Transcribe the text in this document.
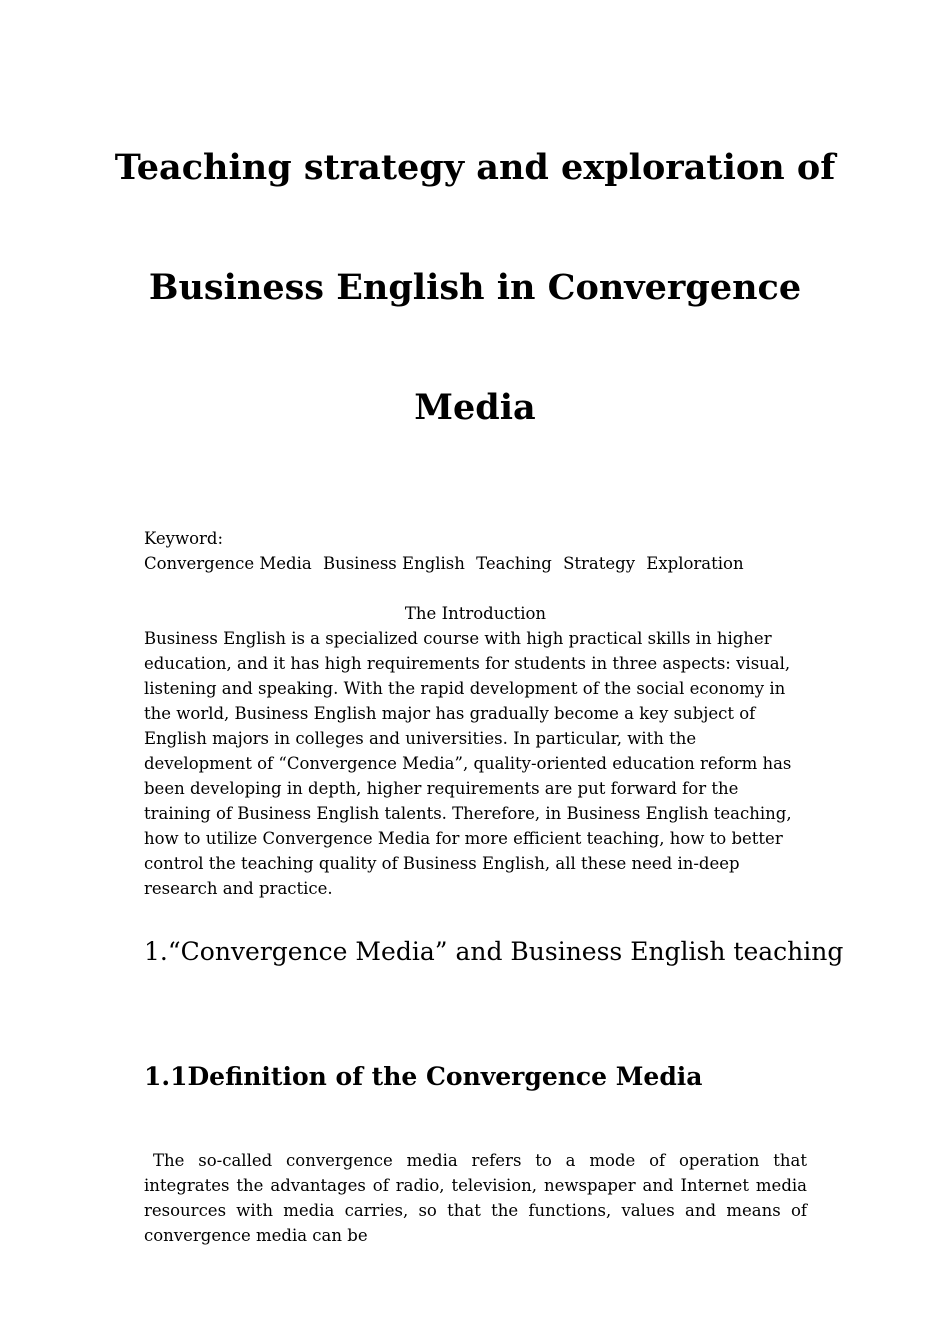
Teaching strategy and exploration of
Business English in Convergence
Media
Keyword:
Convergence Media Business English Teaching Strategy Exploration
The Introduction
Business English is a specialized course with high practical skills in higher education, and it has high requirements for students in three aspects: visual, listening and speaking. With the rapid development of the social economy in the world, Business English major has gradually become a key subject of English majors in colleges and universities. In particular, with the development of “Convergence Media”, quality-oriented education reform has been developing in depth, higher requirements are put forward for the training of Business English talents. Therefore, in Business English teaching, how to utilize Convergence Media for more efficient teaching, how to better control the teaching quality of Business English, all these need in-deep research and practice.
1.“Convergence Media” and Business English teaching
1.1Definition of the Convergence Media
The so-called convergence media refers to a mode of operation that integrates the advantages of radio, television, newspaper and Internet media resources with media carries, so that the functions, values and means of convergence media can be
